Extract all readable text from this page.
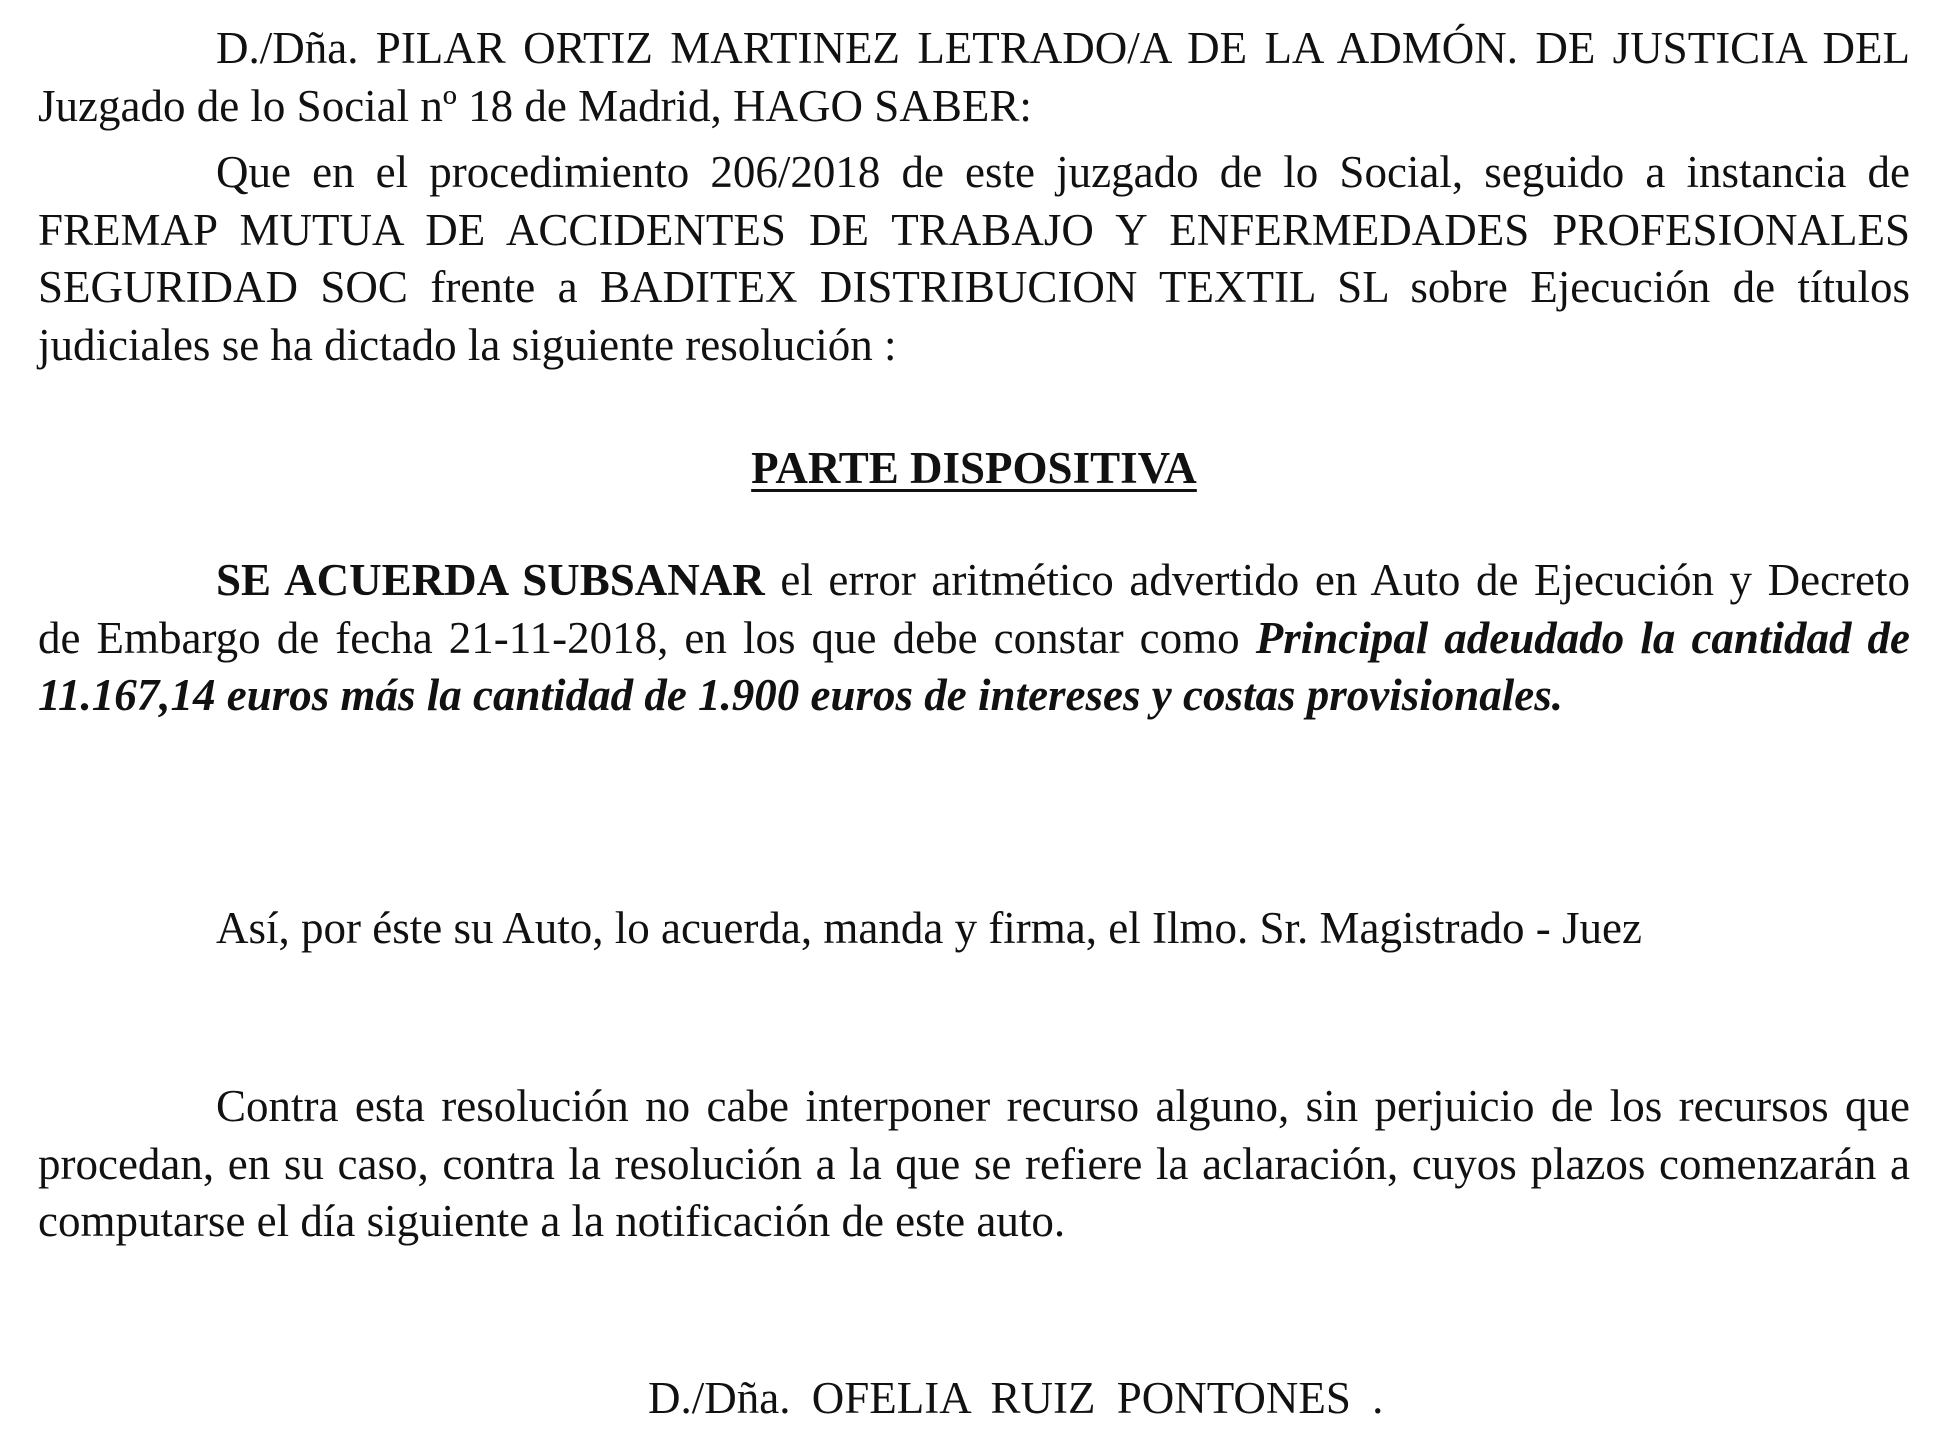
D./Dña. PILAR ORTIZ MARTINEZ LETRADO/A DE LA ADMÓN. DE JUSTICIA DEL Juzgado de lo Social nº 18 de Madrid, HAGO SABER:

Que en el procedimiento 206/2018 de este juzgado de lo Social, seguido a instancia de FREMAP MUTUA DE ACCIDENTES DE TRABAJO Y ENFERMEDADES PROFESIONALES SEGURIDAD SOC frente a BADITEX DISTRIBUCION TEXTIL SL sobre Ejecución de títulos judiciales se ha dictado la siguiente resolución :

PARTE DISPOSITIVA

SE ACUERDA SUBSANAR el error aritmético advertido en Auto de Ejecución y Decreto de Embargo de fecha 21-11-2018, en los que debe constar como Principal adeudado la cantidad de 11.167,14 euros más la cantidad de 1.900 euros de intereses y costas provisionales.

Así, por éste su Auto, lo acuerda, manda y firma, el Ilmo. Sr. Magistrado - Juez

Contra esta resolución no cabe interponer recurso alguno, sin perjuicio de los recursos que procedan, en su caso, contra la resolución a la que se refiere la aclaración, cuyos plazos comenzarán a computarse el día siguiente a la notificación de este auto.

D./Dña. OFELIA RUIZ PONTONES .
